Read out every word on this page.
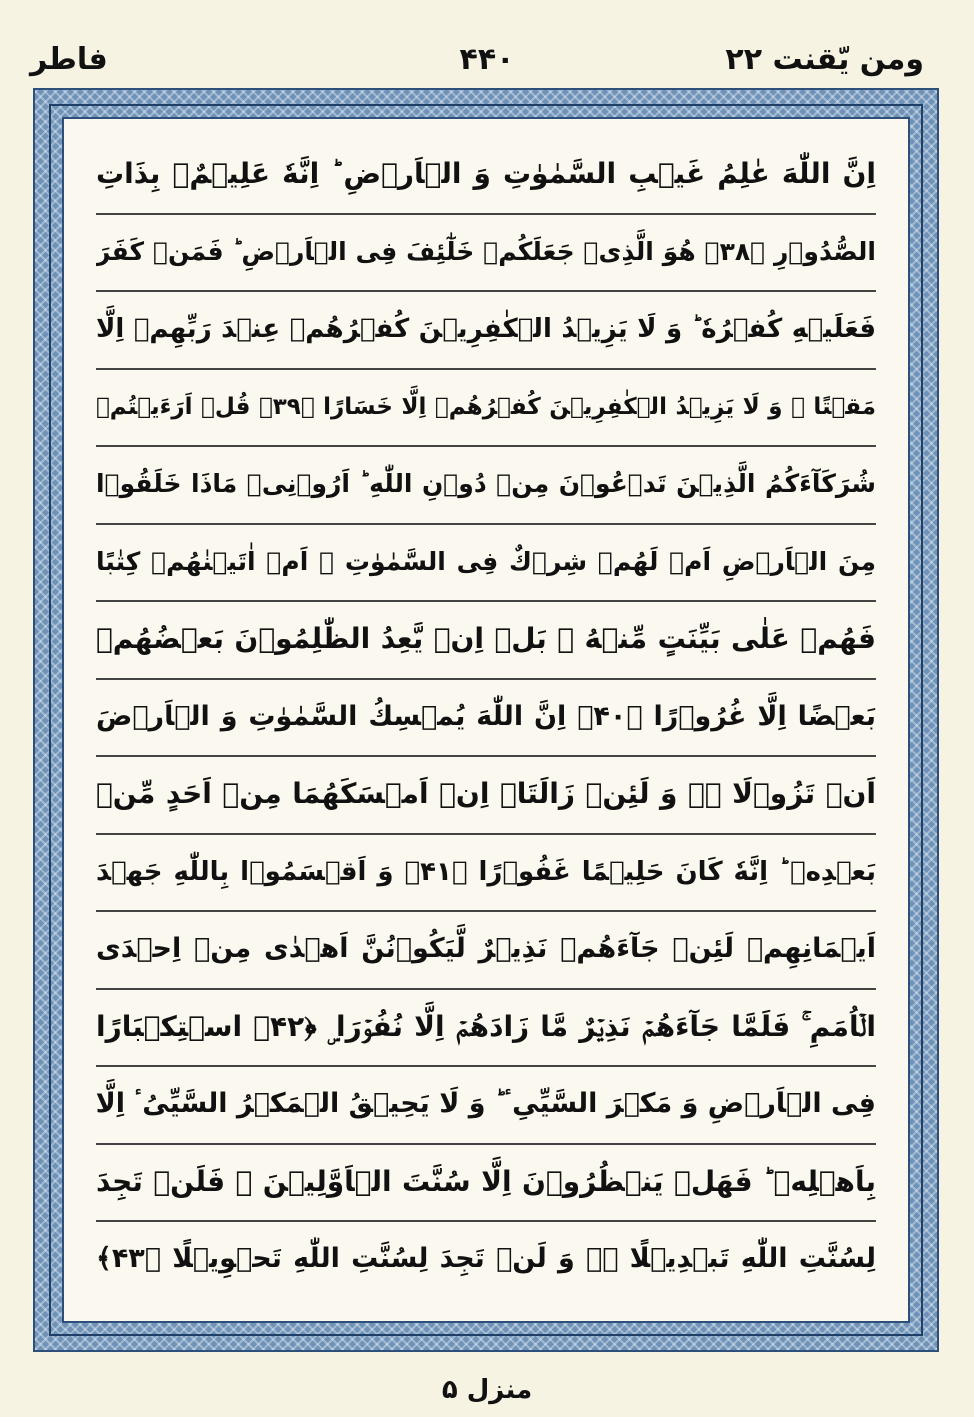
ومن یّقنت ۲۲
۴۴۰
فاطر
اِنَّ اللّٰهَ عٰلِمُ غَیۡبِ السَّمٰوٰتِ وَ الۡاَرۡضِ ؕ اِنَّهٗ عَلِیۡمٌۢ بِذَاتِ
الصُّدُوۡرِ ﴿۳۸﴾ هُوَ الَّذِیۡ جَعَلَكُمۡ خَلٰٓئِفَ فِی الۡاَرۡضِ ؕ فَمَنۡ كَفَرَ
فَعَلَیۡهِ كُفۡرُهٗ ؕ وَ لَا یَزِیۡدُ الۡكٰفِرِیۡنَ كُفۡرُهُمۡ عِنۡدَ رَبِّهِمۡ اِلَّا
مَقۡتًا ۚ وَ لَا یَزِیۡدُ الۡكٰفِرِیۡنَ كُفۡرُهُمۡ اِلَّا خَسَارًا ﴿۳۹﴾ قُلۡ اَرَءَیۡتُمۡ
شُرَكَآءَكُمُ الَّذِیۡنَ تَدۡعُوۡنَ مِنۡ دُوۡنِ اللّٰهِ ؕ اَرُوۡنِیۡ مَاذَا خَلَقُوۡا
مِنَ الۡاَرۡضِ اَمۡ لَهُمۡ شِرۡكٌ فِی السَّمٰوٰتِ ۚ اَمۡ اٰتَیۡنٰهُمۡ كِتٰبًا
فَهُمۡ عَلٰی بَیِّنَتٍ مِّنۡهُ ۚ بَلۡ اِنۡ یَّعِدُ الظّٰلِمُوۡنَ بَعۡضُهُمۡ
بَعۡضًا اِلَّا غُرُوۡرًا ﴿۴۰﴾ اِنَّ اللّٰهَ یُمۡسِكُ السَّمٰوٰتِ وَ الۡاَرۡضَ
اَنۡ تَزُوۡلَا ۬ۚ وَ لَئِنۡ زَالَتَاۤ اِنۡ اَمۡسَكَهُمَا مِنۡ اَحَدٍ مِّنۡ
بَعۡدِهٖ ؕ اِنَّهٗ كَانَ حَلِیۡمًا غَفُوۡرًا ﴿۴۱﴾ وَ اَقۡسَمُوۡا بِاللّٰهِ جَهۡدَ
اَیۡمَانِهِمۡ لَئِنۡ جَآءَهُمۡ نَذِیۡرٌ لَّیَكُوۡنُنَّ اَهۡدٰی مِنۡ اِحۡدَی
الۡاُمَمِ ۚ فَلَمَّا جَآءَهُمۡ نَذِیۡرٌ مَّا زَادَهُمۡ اِلَّا نُفُوۡرَا ۣ ﴿۴۲﴾ اسۡتِكۡبَارًا
فِی الۡاَرۡضِ وَ مَكۡرَ السَّیِّیِٴ ؕ وَ لَا یَحِیۡقُ الۡمَكۡرُ السَّیِّیُٴ اِلَّا
بِاَهۡلِهٖ ؕ فَهَلۡ یَنۡظُرُوۡنَ اِلَّا سُنَّتَ الۡاَوَّلِیۡنَ ۚ فَلَنۡ تَجِدَ
لِسُنَّتِ اللّٰهِ تَبۡدِیۡلًا ۬ۚ وَ لَنۡ تَجِدَ لِسُنَّتِ اللّٰهِ تَحۡوِیۡلًا ﴿۴۳﴾
منزل ۵
